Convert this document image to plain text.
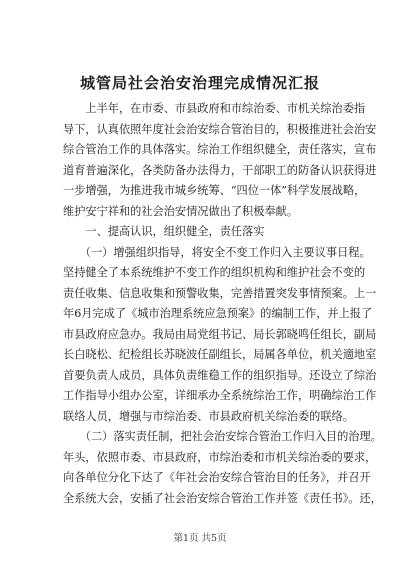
城管局社会治安治理完成情况汇报
　　上半年，在市委、市县政府和市综治委、市机关综治委指
导下，认真依照年度社会治安综合管治目的，积极推进社会治安
综合管治工作的具体落实。综治工作组织健全，责任落实，宣布
道育普遍深化，各类防备办法得力，干部职工的防备认识获得进
一步增强，为推进我市城乡统筹、“四位一体”科学发展战略，
维护安宁祥和的社会治安情况做出了积极奉献。
　　一、提高认识，组织健全，责任落实
　　（一）增强组织指导，将安全不变工作归入主要议事日程。
坚持健全了本系统维护不变工作的组织机构和维护社会不变的
责任收集、信息收集和预警收集，完善措置突发事情预案。上一
年6月完成了《城市治理系统应急预案》的编制工作，并上报了
市县政府应急办。我局由局党组书记、局长郭晓鸣任组长，副局
长白晓松、纪检组长苏晓波任副组长，局属各单位，机关適地室
首要负责人成员，具体负责维稳工作的组织指导。还设立了综治
工作指导小组办公室，详细承办全系统综治工作，明确综治工作
联络人员，增强与市综治委、市县政府机关综治委的联络。
　　（二）落实责任制，把社会治安综合管治工作归入目的治理。
年头，依照市委、市县政府，市综治委和市机关综治委的要求，
向各单位分化下达了《年社会治安综合管治目的任务》，并召开
全系统大会，安插了社会治安综合管治工作并签《责任书》。还，
第1页 共5页
